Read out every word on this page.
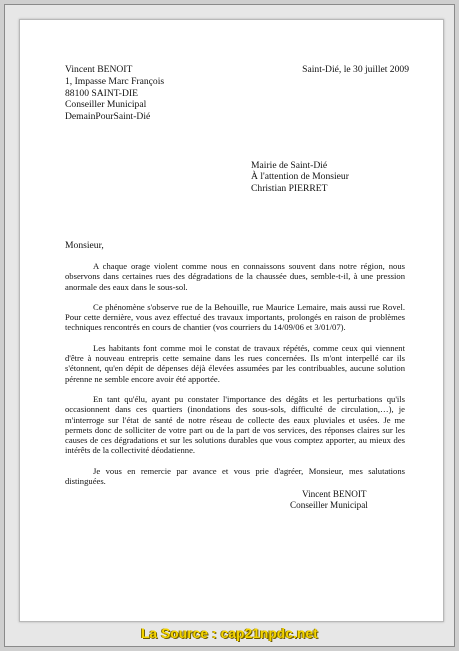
Vincent BENOIT
1, Impasse Marc François
88100 SAINT-DIE
Conseiller Municipal
DemainPourSaint-Dié
Saint-Dié, le 30 juillet 2009
Mairie de Saint-Dié
À l'attention de Monsieur
Christian PIERRET
Monsieur,

A chaque orage violent comme nous en connaissons souvent dans notre région, nous observons dans certaines rues des dégradations de la chaussée dues, semble-t-il, à une pression anormale des eaux dans le sous-sol.

Ce phénomène s'observe rue de la Behouille, rue Maurice Lemaire, mais aussi rue Rovel. Pour cette dernière, vous avez effectué des travaux importants, prolongés en raison de problèmes techniques rencontrés en cours de chantier (vos courriers du 14/09/06 et 3/01/07).

Les habitants font comme moi le constat de travaux répétés, comme ceux qui viennent d'être à nouveau entrepris cette semaine dans les rues concernées. Ils m'ont interpellé car ils s'étonnent, qu'en dépit de dépenses déjà élevées assumées par les contribuables, aucune solution pérenne ne semble encore avoir été apportée.

En tant qu'élu, ayant pu constater l'importance des dégâts et les perturbations qu'ils occasionnent dans ces quartiers (inondations des sous-sols, difficulté de circulation,…), je m'interroge sur l'état de santé de notre réseau de collecte des eaux pluviales et usées. Je me permets donc de solliciter de votre part ou de la part de vos services, des réponses claires sur les causes de ces dégradations et sur les solutions durables que vous comptez apporter, au mieux des intérêts de la collectivité déodatienne.

Je vous en remercie par avance et vous prie d'agréer, Monsieur, mes salutations distinguées.

Vincent BENOIT
Conseiller Municipal
La Source : cap21npdc.net
